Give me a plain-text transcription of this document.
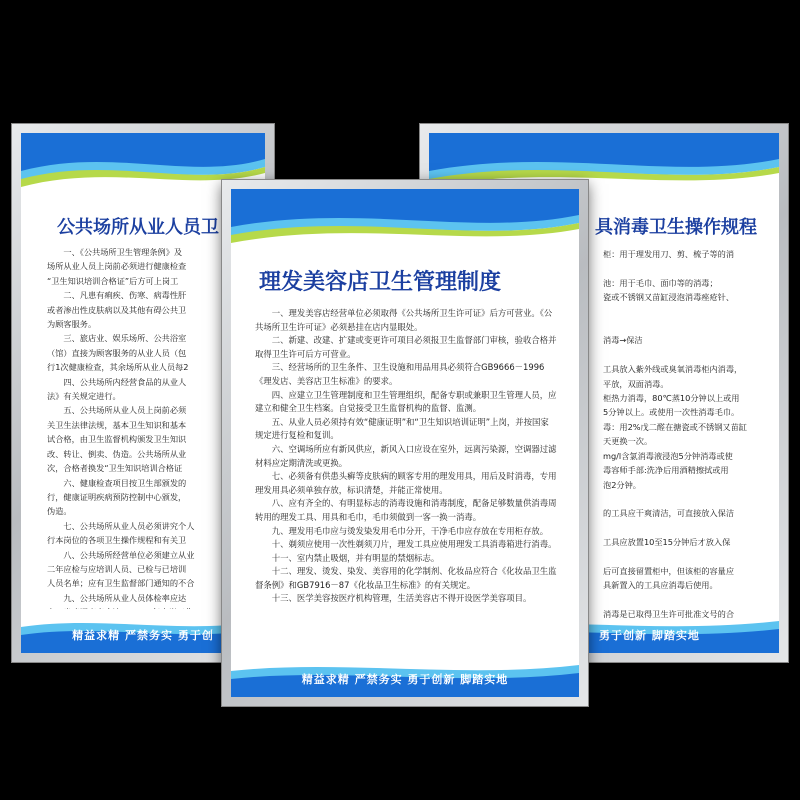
公共场所从业人员卫

　　一、《公共场所卫生管理条例》及

场所从业人员上岗前必须进行健康检查

“卫生知识培训合格证”后方可上岗工

　　二、凡患有痢疾、伤寒、病毒性肝

或者渗出性皮肤病以及其他有碍公共卫

为顾客服务。

　　三、旅店业、娱乐场所、公共浴室

（馆）直接为顾客服务的从业人员（包

行1次健康检查，其余场所从业人员每2

　　四、公共场所内经营食品的从业人

法》有关规定进行。

　　五、公共场所从业人员上岗前必须

关卫生法律法规，基本卫生知识和基本

试合格，由卫生监督机构颁发卫生知识

改、转让、倒卖、伪造。公共场所从业

次，合格者换发“卫生知识培训合格证

　　六、健康检查项目按卫生部颁发的

行，健康证明疾病预防控制中心颁发，

伪造。

　　七、公共场所从业人员必须讲究个人

行本岗位的各项卫生操作规程和有关卫

　　八、公共场所经营单位必须建立从业

二年应检与应培训人员、已检与已培训

人员名单；应有卫生监督部门通知的不合

　　九、公共场所从业人员体检率应达

精益求精 严禁务实 勇于创
具消毒卫生操作规程

柜：用于理发用刀、剪、梳子等的消

池：用于毛巾、面巾等的消毒；

瓷或不锈钢又苗缸浸泡消毒痤疮针、

消毒→保洁

工具放入紫外线或臭氧消毒柜内消毒，

平放，双面消毒。

柜热力消毒，80℃蒸10分钟以上或用

5分钟以上。或使用一次性消毒毛巾。

毒：用2%戊二醛在搪瓷或不锈钢又苗缸

天更换一次。

mg/l含氯消毒液浸泡5分钟消毒或使

毒容师手部:洗净后用酒精擦拭或用

泡2分钟。

的工具应干爽清洁，可直接放入保洁

工具应放置10至15分钟后才放入保

后可直接留置柜中，但该柜的容量应

具新置入的工具应消毒后使用。

消毒是已取得卫生许可批准文号的合

勇于创新 脚踏实地
理发美容店卫生管理制度

　　一、理发美容店经营单位必须取得《公共场所卫生许可证》后方可营业。《公共场所卫生许可证》必须悬挂在店内显眼处。

　　二、新建、改建、扩建或变更许可项目必须报卫生监督部门审核，验收合格并取得卫生许可后方可营业。

　　三、经营场所的卫生条件、卫生设施和用品用具必须符合GB9666－1996《理发店、美容店卫生标准》的要求。

　　四、应建立卫生管理制度和卫生管理组织，配备专职或兼职卫生管理人员，应建立和健全卫生档案。自觉接受卫生监督机构的监督、监测。

　　五、从业人员必须持有效“健康证明”和“卫生知识培训证明”上岗，并按国家规定进行复检和复训。

　　六、空调场所应有新风供应，新风入口应设在室外，远离污染源，空调器过滤材料应定期清洗或更换。

　　七、必须备有供患头癣等皮肤病的顾客专用的理发用具，用后及时消毒，专用理发用具必须单独存放，标识清楚，并能正常使用。

　　八、应有齐全的、有明显标志的消毒设施和消毒制度，配备足够数量供消毒周转用的理发工具、用具和毛巾，毛巾须做到一客一换一消毒。

　　九、理发用毛巾应与烫发染发用毛巾分开，干净毛巾应存放在专用柜存放。

　　十、剃须应使用一次性剃须刀片，理发工具应使用理发工具消毒箱进行消毒。

　　十一、室内禁止吸烟，并有明显的禁烟标志。

　　十二、理发、烫发、染发、美容用的化学制剂、化妆品应符合《化妆品卫生监督条例》和GB7916－87《化妆品卫生标准》的有关规定。

　　十三、医学美容按医疗机构管理，生活美容店不得开设医学美容项目。

精益求精 严禁务实 勇于创新 脚踏实地
